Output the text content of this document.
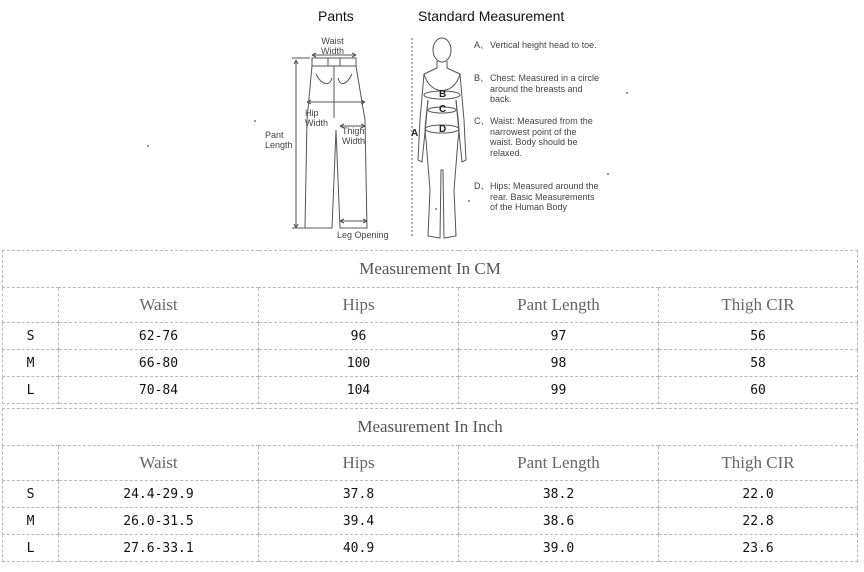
Pants	Standard Measurement
Waist
Width
Hip
Width
Thigh
Width
Pant
Length
Leg Opening
A
B
C
D
A、 Vertical height head to toe.
B、 Chest: Measured in a circle around the breasts and back.
C、 Waist: Measured from the narrowest point of the waist. Body should be relaxed.
D、 Hips: Measured around the rear. Basic Measurements of the Human Body
Measurement In CM				
	Waist	Hips	Pant Length	Thigh CIR
S	62-76	96	97	56
M	66-80	100	98	58
L	70-84	104	99	60
Measurement In Inch				
	Waist	Hips	Pant Length	Thigh CIR
S	24.4-29.9	37.8	38.2	22.0
M	26.0-31.5	39.4	38.6	22.8
L	27.6-33.1	40.9	39.0	23.6
